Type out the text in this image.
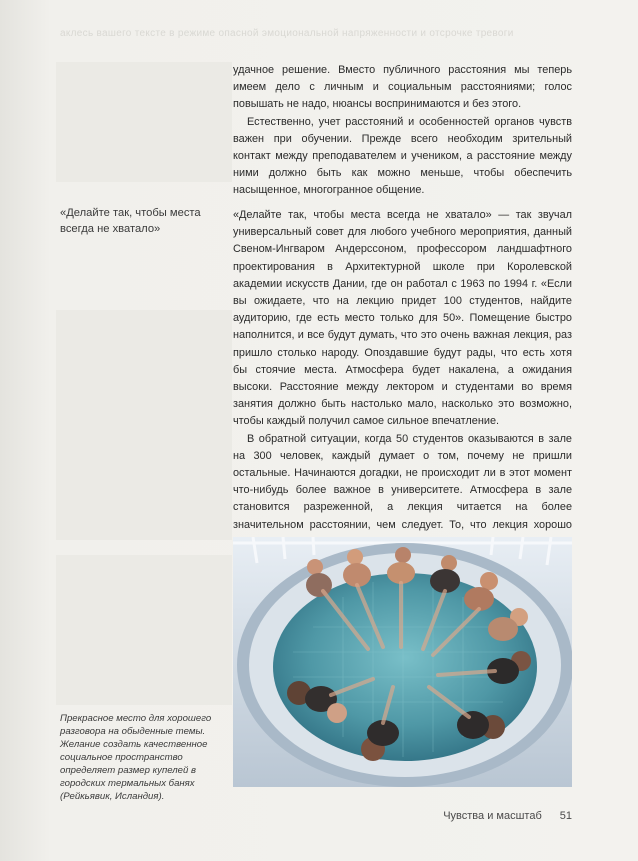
аклесь вашего тексте в режиме опасной эмоциональной напряженности и отсрочке тревоги

удачное решение. Вместо публичного расстояния мы теперь имеем дело с личным и социальным расстояниями; голос повышать не надо, нюансы воспринимаются и без этого.

Естественно, учет расстояний и особенностей органов чувств важен при обучении. Прежде всего необходим зрительный контакт между преподавателем и учеником, а расстояние между ними должно быть как можно меньше, чтобы обеспечить насыщенное, многогранное общение.

«Делайте так, чтобы места всегда не хватало»

«Делайте так, чтобы места всегда не хватало» — так звучал универсальный совет для любого учебного мероприятия, данный Свеном-Ингваром Андерссоном, профессором ландшафтного проектирования в Архитектурной школе при Королевской академии искусств Дании, где он работал с 1963 по 1994 г. «Если вы ожидаете, что на лекцию придет 100 студентов, найдите аудиторию, где есть место только для 50». Помещение быстро наполнится, и все будут думать, что это очень важная лекция, раз пришло столько народу. Опоздавшие будут рады, что есть хотя бы стоячие места. Атмосфера будет накалена, а ожидания высоки. Расстояние между лектором и студентами во время занятия должно быть настолько мало, насколько это возможно, чтобы каждый получил самое сильное впечатление.

В обратной ситуации, когда 50 студентов оказываются в зале на 300 человек, каждый думает о том, почему не пришли остальные. Начинаются догадки, не происходит ли в этот момент что-нибудь более важное в университете. Атмосфера в зале становится разреженной, а лекция читается на более значительном расстоянии, чем следует. То, что лекция хорошо

Прекрасное место для хорошего разговора на обыденные темы. Желание создать качественное социальное пространство определяет размер купелей в городских термальных банях (Рейкьявик, Исландия).
Чувства и масштаб 51
